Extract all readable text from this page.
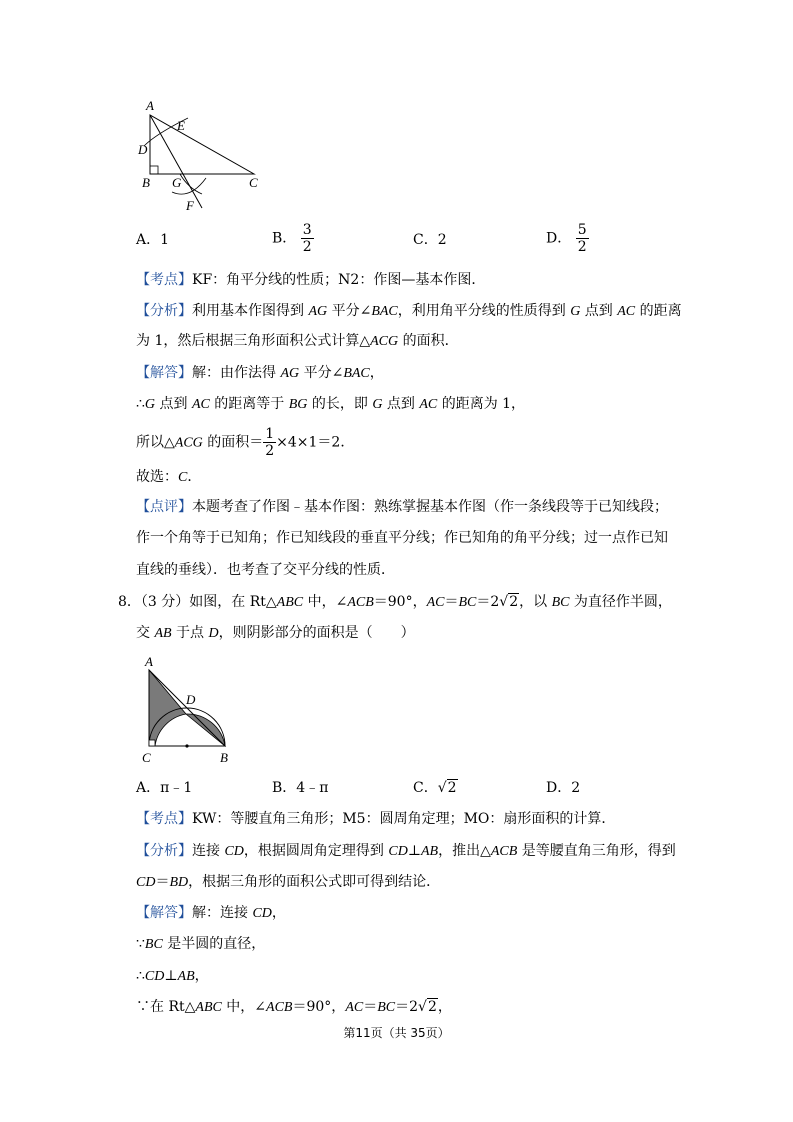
A
E
D
B G	C
F
A．1	B． $\frac{3}{2}$	C．2	D． $\frac{5}{2}$
【考点】KF：角平分线的性质；N2：作图—基本作图．
【分析】利用基本作图得到 AG 平分∠BAC，利用角平分线的性质得到 G 点到 AC 的距离
为 1，然后根据三角形面积公式计算△ACG 的面积．
【解答】解：由作法得 AG 平分∠BAC，
∴G 点到 AC 的距离等于 BG 的长，即 G 点到 AC 的距离为 1，
所以△ACG 的面积＝ $\frac{1}{2} \times 4\times 1=2$．
故选：C．
【点评】本题考查了作图﹣基本作图：熟练掌握基本作图（作一条线段等于已知线段；
作一个角等于已知角；作已知线段的垂直平分线；作已知角的角平分线；过一点作已知
直线的垂线）．也考查了交平分线的性质．
8．（3 分）如图，在 Rt△ABC 中，∠ACB＝90°，AC＝BC＝2√2，以 BC 为直径作半圆，
交 AB 于点 D，则阴影部分的面积是（　　）
A
D
C	B
A．π﹣1	B．4﹣π	C．√2	D．2
【考点】KW：等腰直角三角形；M5：圆周角定理；MO：扇形面积的计算．
【分析】连接 CD，根据圆周角定理得到 CD⊥AB，推出△ACB 是等腰直角三角形，得到
CD＝BD，根据三角形的面积公式即可得到结论．
【解答】解：连接 CD，
∵BC 是半圆的直径，
∴CD⊥AB，
∵在 Rt△ABC 中，∠ACB＝90°，AC＝BC＝2√2，
第11页（共 35页）
